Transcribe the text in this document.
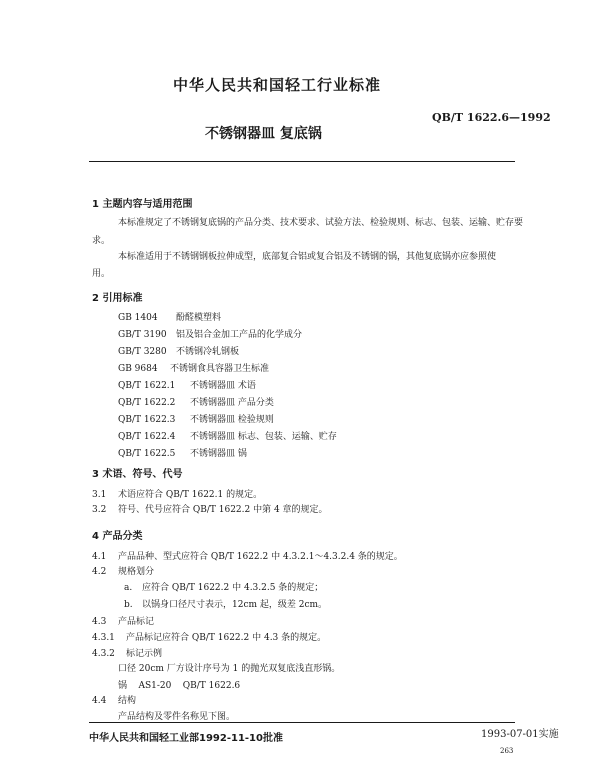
中华人民共和国轻工行业标准
QB/T 1622.6—1992
不锈钢器皿 复底锅
1 主题内容与适用范围
本标准规定了不锈钢复底锅的产品分类、技术要求、试验方法、检验规则、标志、包装、运输、贮存要
求。
本标准适用于不锈钢钢板拉伸成型，底部复合铝或复合铝及不锈钢的锅，其他复底锅亦应参照使
用。
2 引用标准
GB 1404 酚醛模塑料
GB/T 3190 铝及铝合金加工产品的化学成分
GB/T 3280 不锈钢冷轧钢板
GB 9684 不锈钢食具容器卫生标准
QB/T 1622.1 不锈钢器皿 术语
QB/T 1622.2 不锈钢器皿 产品分类
QB/T 1622.3 不锈钢器皿 检验规则
QB/T 1622.4 不锈钢器皿 标志、包装、运输、贮存
QB/T 1622.5 不锈钢器皿 锅
3 术语、符号、代号
3.1 术语应符合 QB/T 1622.1 的规定。
3.2 符号、代号应符合 QB/T 1622.2 中第 4 章的规定。
4 产品分类
4.1 产品品种、型式应符合 QB/T 1622.2 中 4.3.2.1～4.3.2.4 条的规定。
4.2 规格划分
a. 应符合 QB/T 1622.2 中 4.3.2.5 条的规定；
b. 以锅身口径尺寸表示，12cm 起，级差 2cm。
4.3 产品标记
4.3.1 产品标记应符合 QB/T 1622.2 中 4.3 条的规定。
4.3.2 标记示例
口径 20cm 厂方设计序号为 1 的抛光双复底浅直形锅。
锅    AS1-20    QB/T 1622.6
4.4 结构
产品结构及零件名称见下图。
中华人民共和国轻工业部1992-11-10批准	1993-07-01实施
263
